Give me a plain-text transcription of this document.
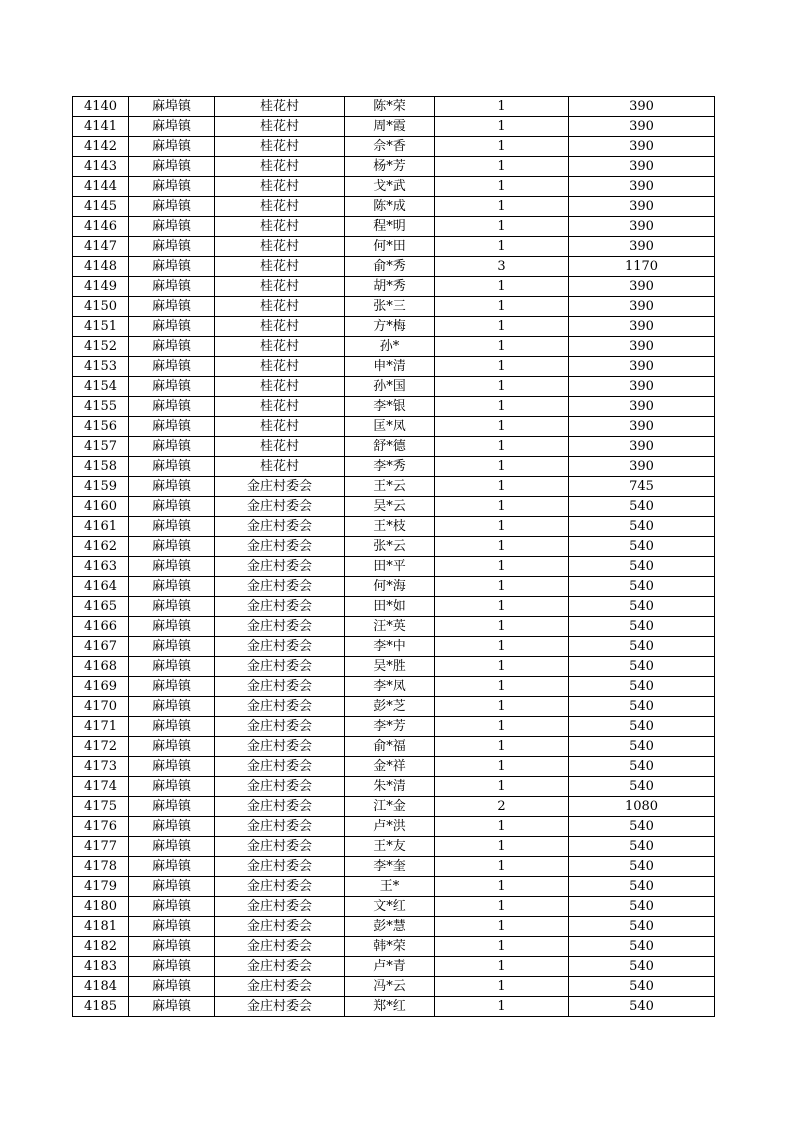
4140	麻埠镇	桂花村	陈*荣	1	390
4141	麻埠镇	桂花村	周*霞	1	390
4142	麻埠镇	桂花村	佘*香	1	390
4143	麻埠镇	桂花村	杨*芳	1	390
4144	麻埠镇	桂花村	戈*武	1	390
4145	麻埠镇	桂花村	陈*成	1	390
4146	麻埠镇	桂花村	程*明	1	390
4147	麻埠镇	桂花村	何*田	1	390
4148	麻埠镇	桂花村	俞*秀	3	1170
4149	麻埠镇	桂花村	胡*秀	1	390
4150	麻埠镇	桂花村	张*三	1	390
4151	麻埠镇	桂花村	方*梅	1	390
4152	麻埠镇	桂花村	孙*	1	390
4153	麻埠镇	桂花村	申*清	1	390
4154	麻埠镇	桂花村	孙*国	1	390
4155	麻埠镇	桂花村	李*银	1	390
4156	麻埠镇	桂花村	匡*凤	1	390
4157	麻埠镇	桂花村	舒*德	1	390
4158	麻埠镇	桂花村	李*秀	1	390
4159	麻埠镇	金庄村委会	王*云	1	745
4160	麻埠镇	金庄村委会	吴*云	1	540
4161	麻埠镇	金庄村委会	王*枝	1	540
4162	麻埠镇	金庄村委会	张*云	1	540
4163	麻埠镇	金庄村委会	田*平	1	540
4164	麻埠镇	金庄村委会	何*海	1	540
4165	麻埠镇	金庄村委会	田*如	1	540
4166	麻埠镇	金庄村委会	汪*英	1	540
4167	麻埠镇	金庄村委会	李*中	1	540
4168	麻埠镇	金庄村委会	吴*胜	1	540
4169	麻埠镇	金庄村委会	李*凤	1	540
4170	麻埠镇	金庄村委会	彭*芝	1	540
4171	麻埠镇	金庄村委会	李*芳	1	540
4172	麻埠镇	金庄村委会	俞*福	1	540
4173	麻埠镇	金庄村委会	金*祥	1	540
4174	麻埠镇	金庄村委会	朱*清	1	540
4175	麻埠镇	金庄村委会	江*金	2	1080
4176	麻埠镇	金庄村委会	卢*洪	1	540
4177	麻埠镇	金庄村委会	王*友	1	540
4178	麻埠镇	金庄村委会	李*奎	1	540
4179	麻埠镇	金庄村委会	王*	1	540
4180	麻埠镇	金庄村委会	文*红	1	540
4181	麻埠镇	金庄村委会	彭*慧	1	540
4182	麻埠镇	金庄村委会	韩*荣	1	540
4183	麻埠镇	金庄村委会	卢*青	1	540
4184	麻埠镇	金庄村委会	冯*云	1	540
4185	麻埠镇	金庄村委会	郑*红	1	540
